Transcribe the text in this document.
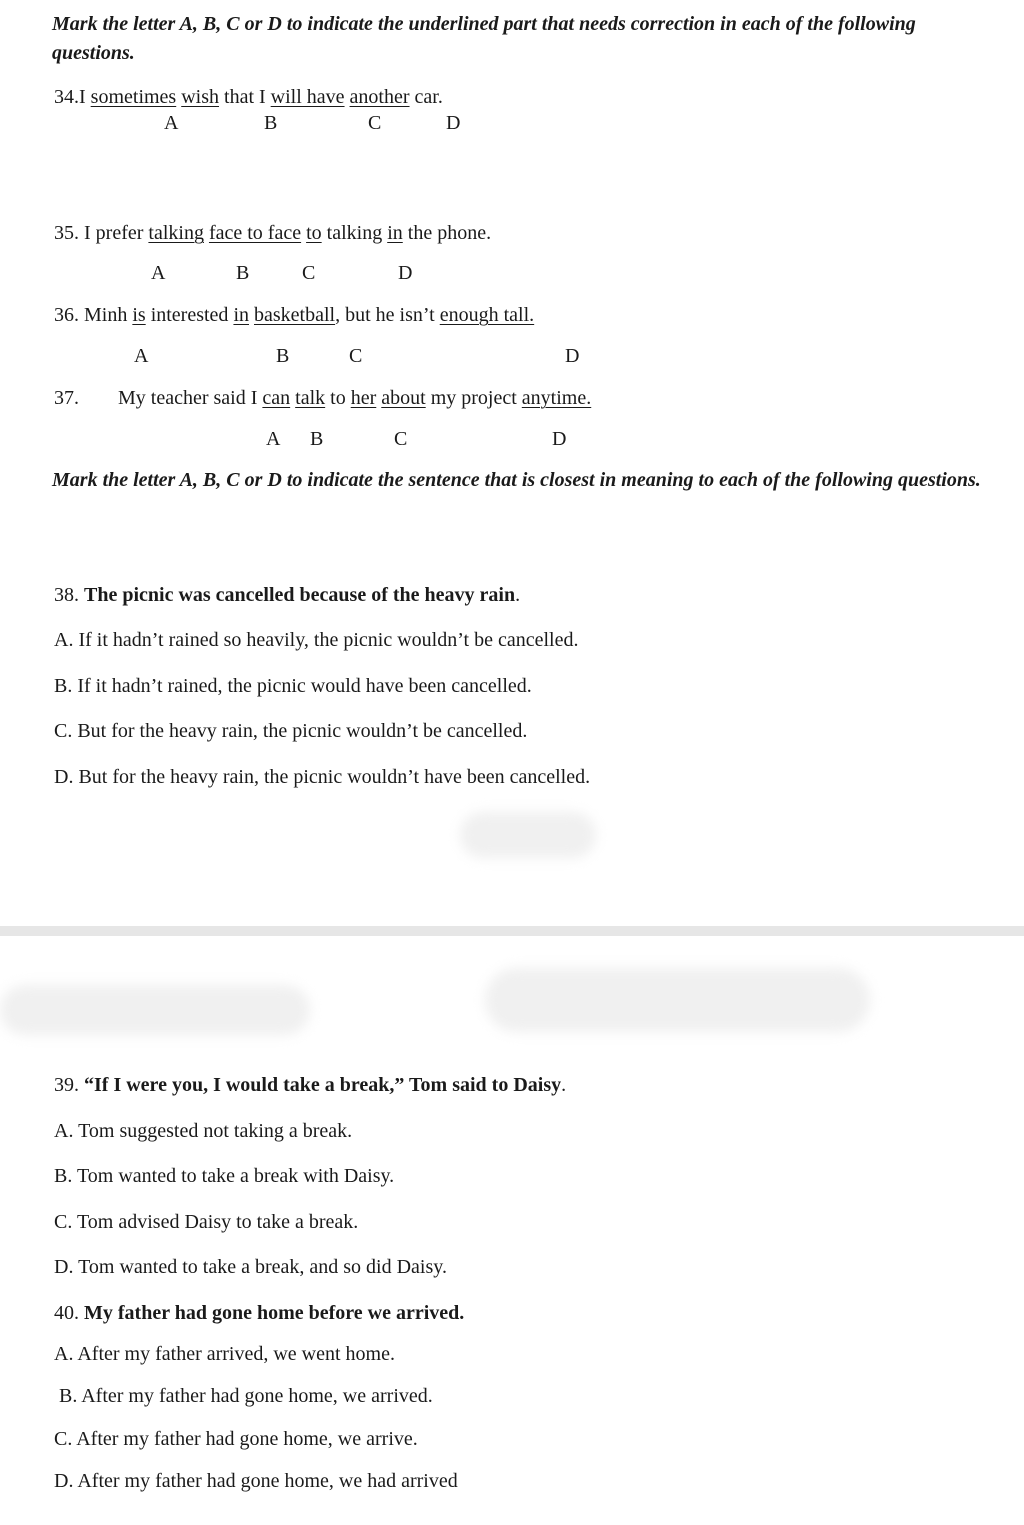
Mark the letter A, B, C or D to indicate the underlined part that needs correction in each of the following questions.
34.I sometimes wish that I will have another car.
A	B	C	D
35. I prefer talking face to face to talking in the phone.
A	B	C	D
36. Minh is interested in basketball, but he isn’t enough tall.
A	B	C	D
37. My teacher said I can talk to her about my project anytime.
A B	C	D
Mark the letter A, B, C or D to indicate the sentence that is closest in meaning to each of the following questions.
38. The picnic was cancelled because of the heavy rain.
A. If it hadn’t rained so heavily, the picnic wouldn’t be cancelled.
B. If it hadn’t rained, the picnic would have been cancelled.
C. But for the heavy rain, the picnic wouldn’t be cancelled.
D. But for the heavy rain, the picnic wouldn’t have been cancelled.
39. “If I were you, I would take a break,” Tom said to Daisy.
A. Tom suggested not taking a break.
B. Tom wanted to take a break with Daisy.
C. Tom advised Daisy to take a break.
D. Tom wanted to take a break, and so did Daisy.
40. My father had gone home before we arrived.
A. After my father arrived, we went home.
B. After my father had gone home, we arrived.
C. After my father had gone home, we arrive.
D. After my father had gone home, we had arrived
